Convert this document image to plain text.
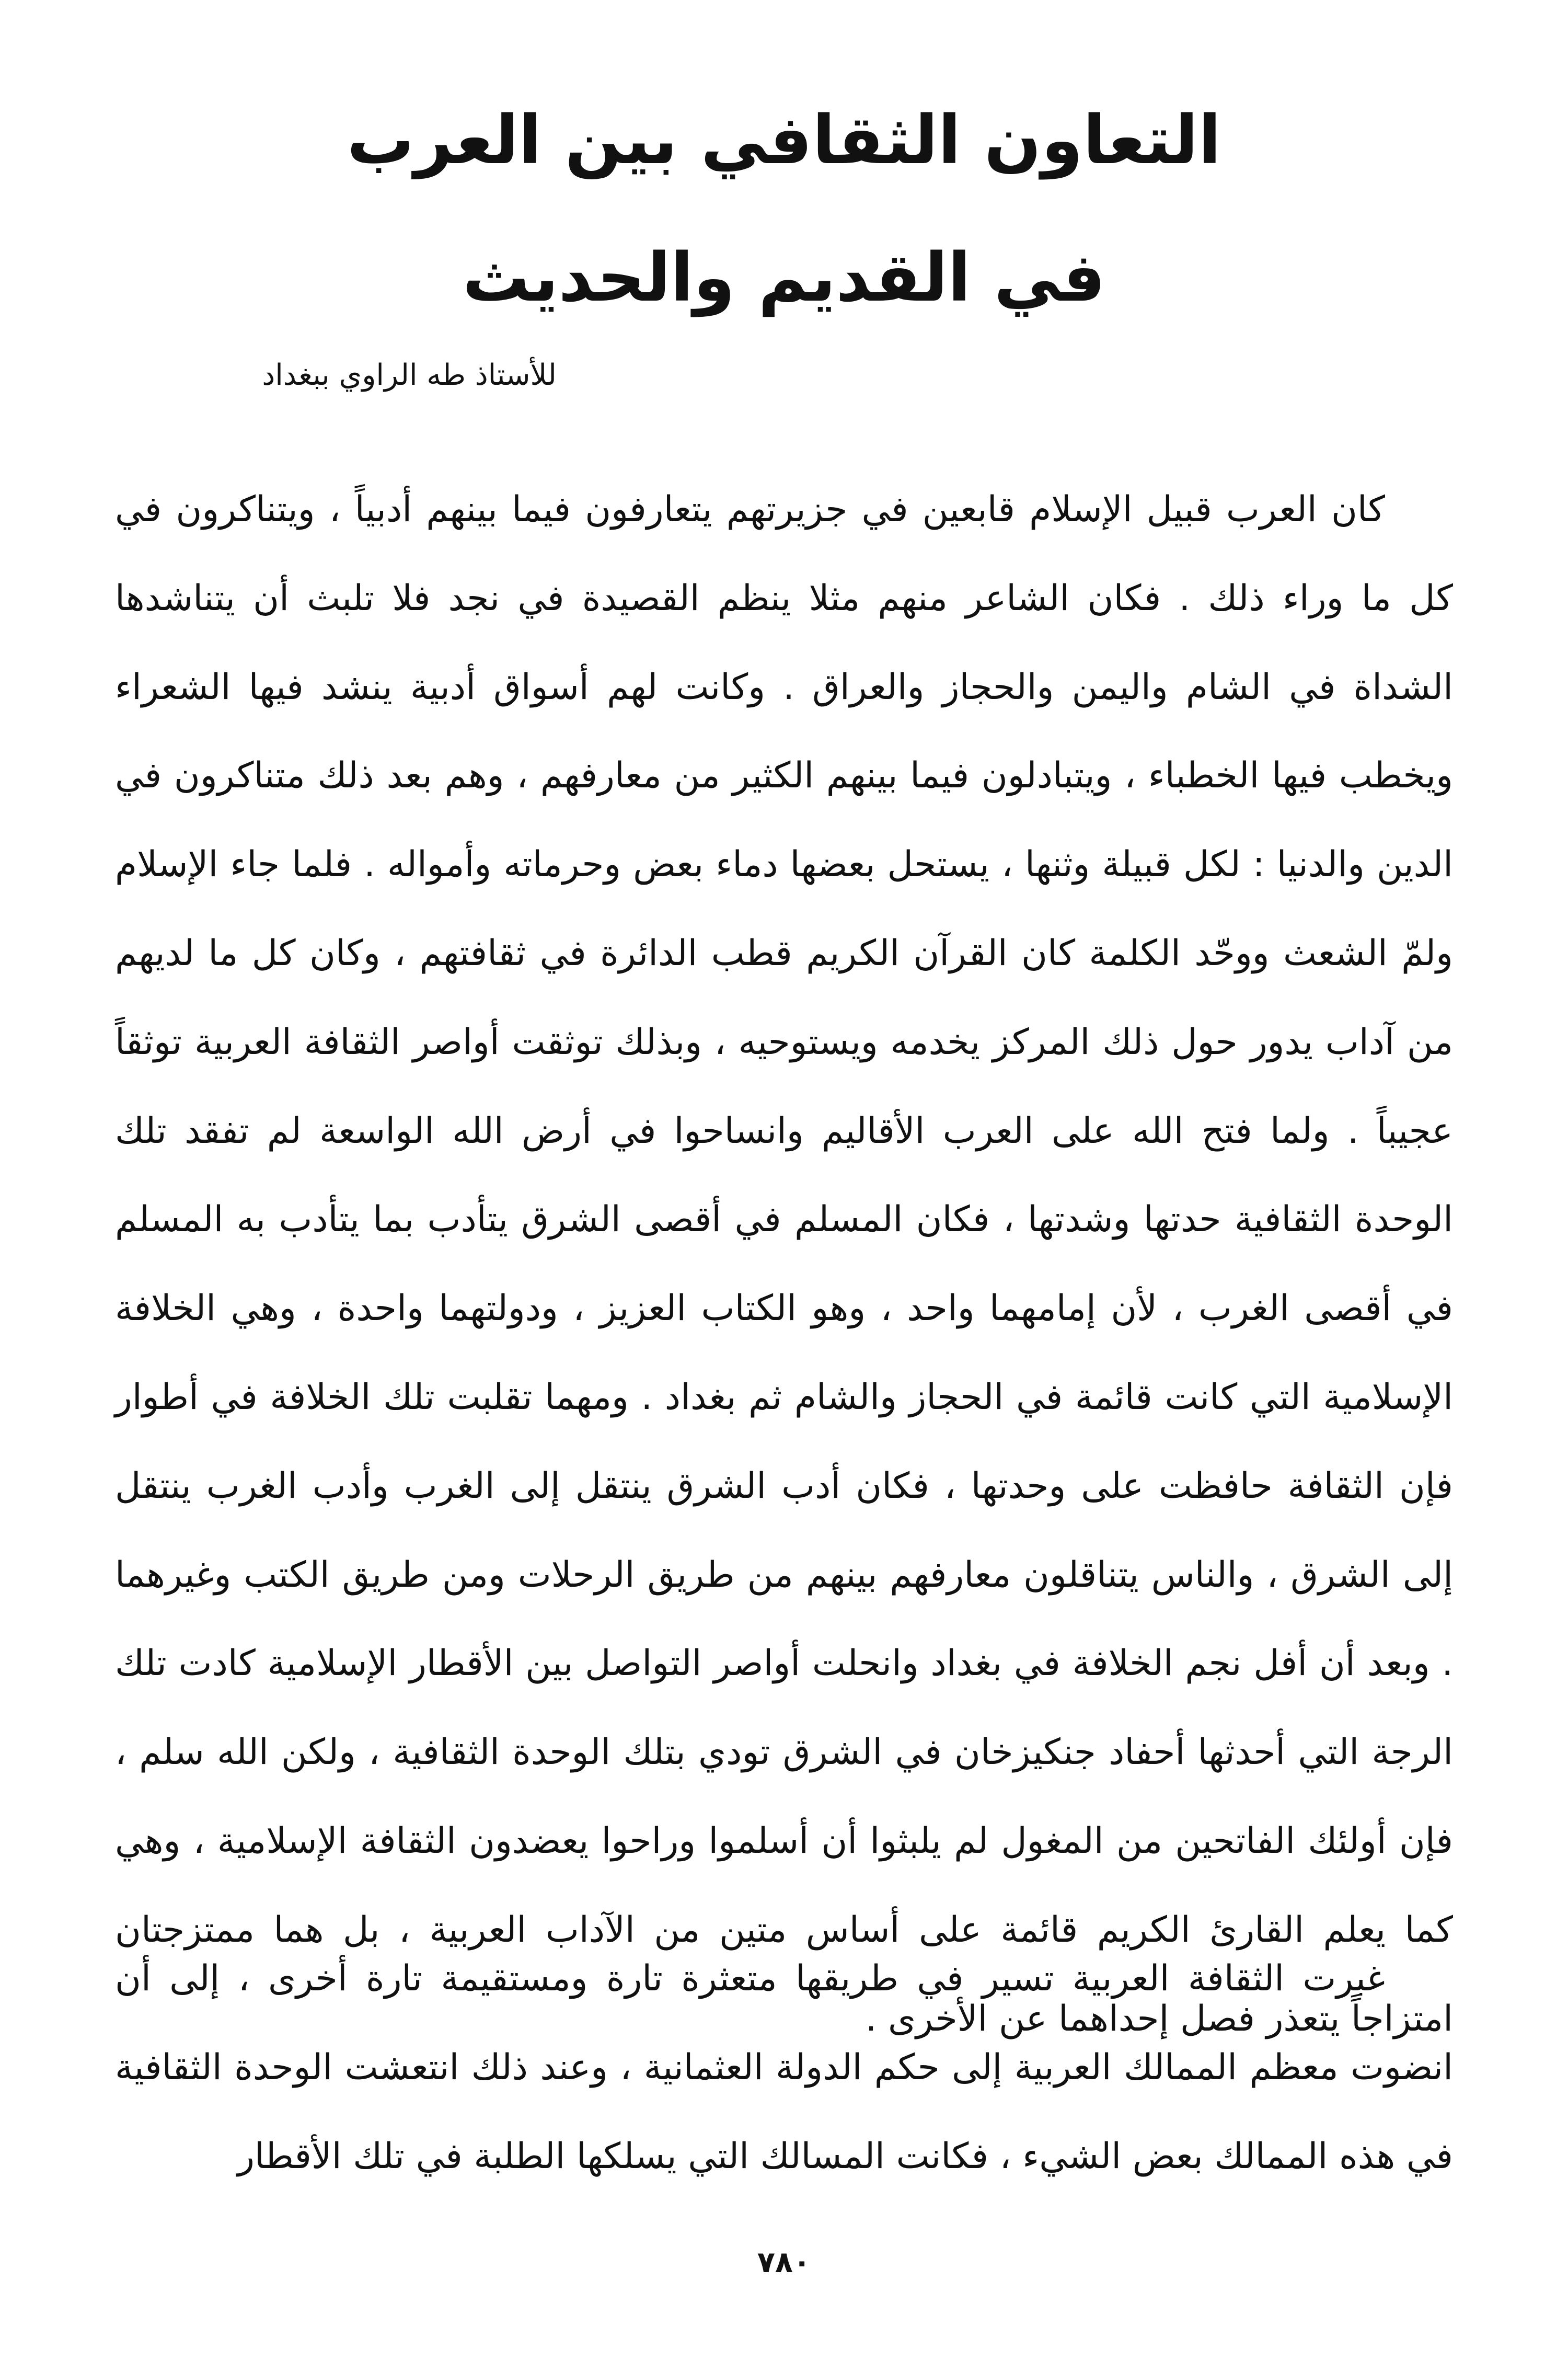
التعاون الثقافي بين العرب
في القديم والحديث
للأستاذ طه الراوي ببغداد
كان العرب قبيل الإسلام قابعين في جزيرتهم يتعارفون فيما بينهم أدبياً ، ويتناكرون في كل ما وراء ذلك . فكان الشاعر منهم مثلا ينظم القصيدة في نجد فلا تلبث أن يتناشدها الشداة في الشام واليمن والحجاز والعراق . وكانت لهم أسواق أدبية ينشد فيها الشعراء ويخطب فيها الخطباء ، ويتبادلون فيما بينهم الكثير من معارفهم ، وهم بعد ذلك متناكرون في الدين والدنيا : لكل قبيلة وثنها ، يستحل بعضها دماء بعض وحرماته وأمواله . فلما جاء الإسلام ولمّ الشعث ووحّد الكلمة كان القرآن الكريم قطب الدائرة في ثقافتهم ، وكان كل ما لديهم من آداب يدور حول ذلك المركز يخدمه ويستوحيه ، وبذلك توثقت أواصر الثقافة العربية توثقاً عجيباً . ولما فتح الله على العرب الأقاليم وانساحوا في أرض الله الواسعة لم تفقد تلك الوحدة الثقافية حدتها وشدتها ، فكان المسلم في أقصى الشرق يتأدب بما يتأدب به المسلم في أقصى الغرب ، لأن إمامهما واحد ، وهو الكتاب العزيز ، ودولتهما واحدة ، وهي الخلافة الإسلامية التي كانت قائمة في الحجاز والشام ثم بغداد . ومهما تقلبت تلك الخلافة في أطوار فإن الثقافة حافظت على وحدتها ، فكان أدب الشرق ينتقل إلى الغرب وأدب الغرب ينتقل إلى الشرق ، والناس يتناقلون معارفهم بينهم من طريق الرحلات ومن طريق الكتب وغيرهما . وبعد أن أفل نجم الخلافة في بغداد وانحلت أواصر التواصل بين الأقطار الإسلامية كادت تلك الرجة التي أحدثها أحفاد جنكيزخان في الشرق تودي بتلك الوحدة الثقافية ، ولكن الله سلم ، فإن أولئك الفاتحين من المغول لم يلبثوا أن أسلموا وراحوا يعضدون الثقافة الإسلامية ، وهي كما يعلم القارئ الكريم قائمة على أساس متين من الآداب العربية ، بل هما ممتزجتان امتزاجاً يتعذر فصل إحداهما عن الأخرى .
غبرت الثقافة العربية تسير في طريقها متعثرة تارة ومستقيمة تارة أخرى ، إلى أن انضوت معظم الممالك العربية إلى حكم الدولة العثمانية ، وعند ذلك انتعشت الوحدة الثقافية في هذه الممالك بعض الشيء ، فكانت المسالك التي يسلكها الطلبة في تلك الأقطار
٧٨٠
